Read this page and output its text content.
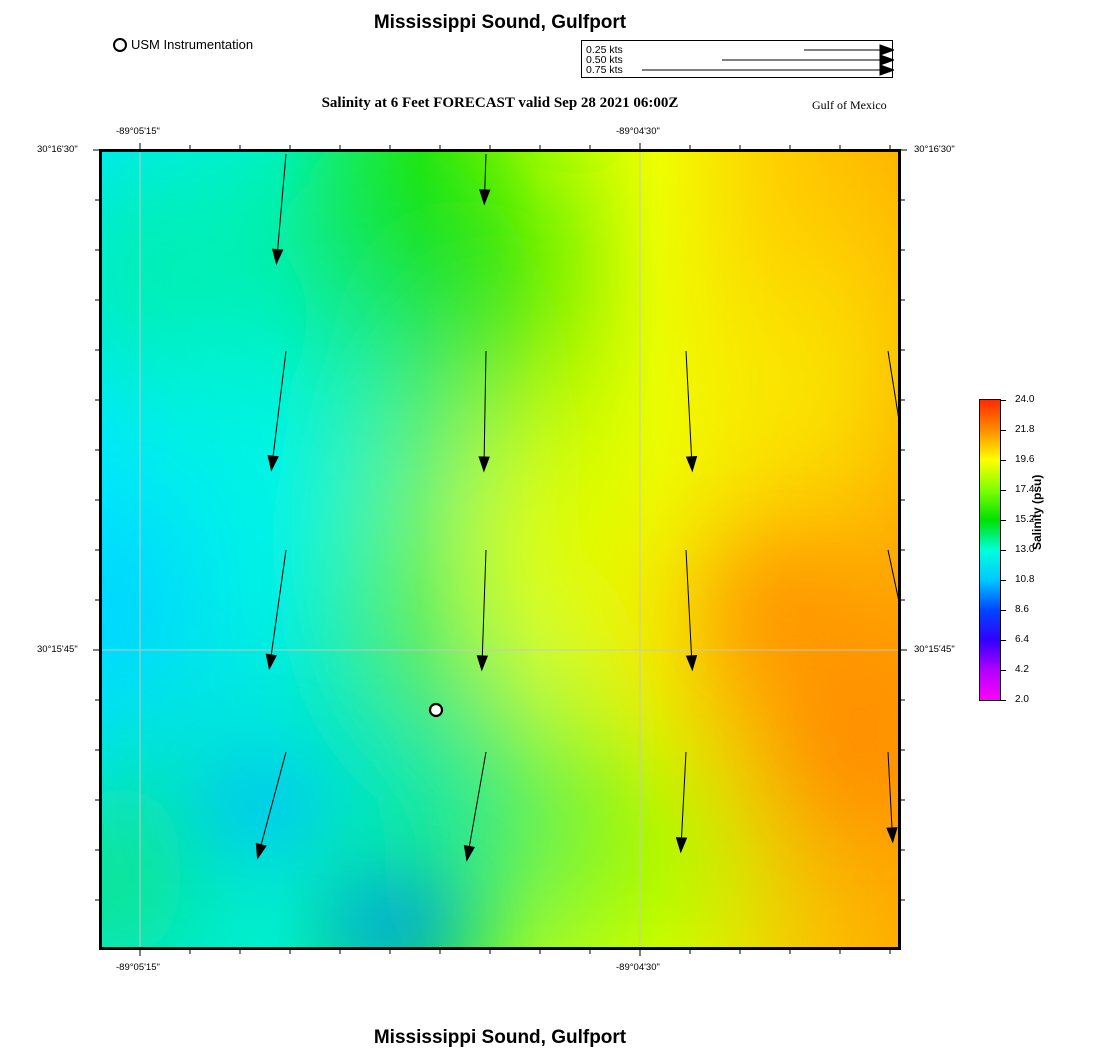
Mississippi Sound, Gulfport
USM Instrumentation	0.25 kts
0.50 kts
0.75 kts
Salinity at 6 Feet FORECAST valid Sep 28 2021 06:00Z	Gulf of Mexico
-89°05'15"	-89°04'30"
-89°05'15"	-89°04'30"
30°16'30"
30°15'45"
30°16'30"
30°15'45"
24.0
21.8
19.6
17.4
15.2
13.0
10.8
8.6
6.4
4.2
2.0
Salinity (psu)
Mississippi Sound, Gulfport
